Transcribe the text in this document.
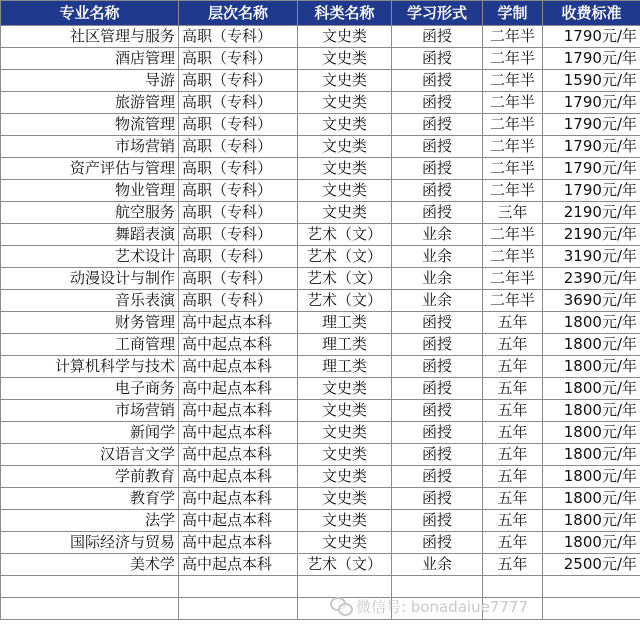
专业名称	层次名称	科类名称	学习形式	学制	收费标准
社区管理与服务	高职（专科）	文史类	函授	二年半	1790元/年
酒店管理	高职（专科）	文史类	函授	二年半	1790元/年
导游	高职（专科）	文史类	函授	二年半	1590元/年
旅游管理	高职（专科）	文史类	函授	二年半	1790元/年
物流管理	高职（专科）	文史类	函授	二年半	1790元/年
市场营销	高职（专科）	文史类	函授	二年半	1790元/年
资产评估与管理	高职（专科）	文史类	函授	二年半	1790元/年
物业管理	高职（专科）	文史类	函授	二年半	1790元/年
航空服务	高职（专科）	文史类	函授	三年	2190元/年
舞蹈表演	高职（专科）	艺术（文）	业余	二年半	2190元/年
艺术设计	高职（专科）	艺术（文）	业余	二年半	3190元/年
动漫设计与制作	高职（专科）	艺术（文）	业余	二年半	2390元/年
音乐表演	高职（专科）	艺术（文）	业余	二年半	3690元/年
财务管理	高中起点本科	理工类	函授	五年	1800元/年
工商管理	高中起点本科	理工类	函授	五年	1800元/年
计算机科学与技术	高中起点本科	理工类	函授	五年	1800元/年
电子商务	高中起点本科	文史类	函授	五年	1800元/年
市场营销	高中起点本科	文史类	函授	五年	1800元/年
新闻学	高中起点本科	文史类	函授	五年	1800元/年
汉语言文学	高中起点本科	文史类	函授	五年	1800元/年
学前教育	高中起点本科	文史类	函授	五年	1800元/年
教育学	高中起点本科	文史类	函授	五年	1800元/年
法学	高中起点本科	文史类	函授	五年	1800元/年
国际经济与贸易	高中起点本科	文史类	函授	五年	1800元/年
美术学	高中起点本科	艺术（文）	业余	五年	2500元/年

微信号: bonadaiue7777
